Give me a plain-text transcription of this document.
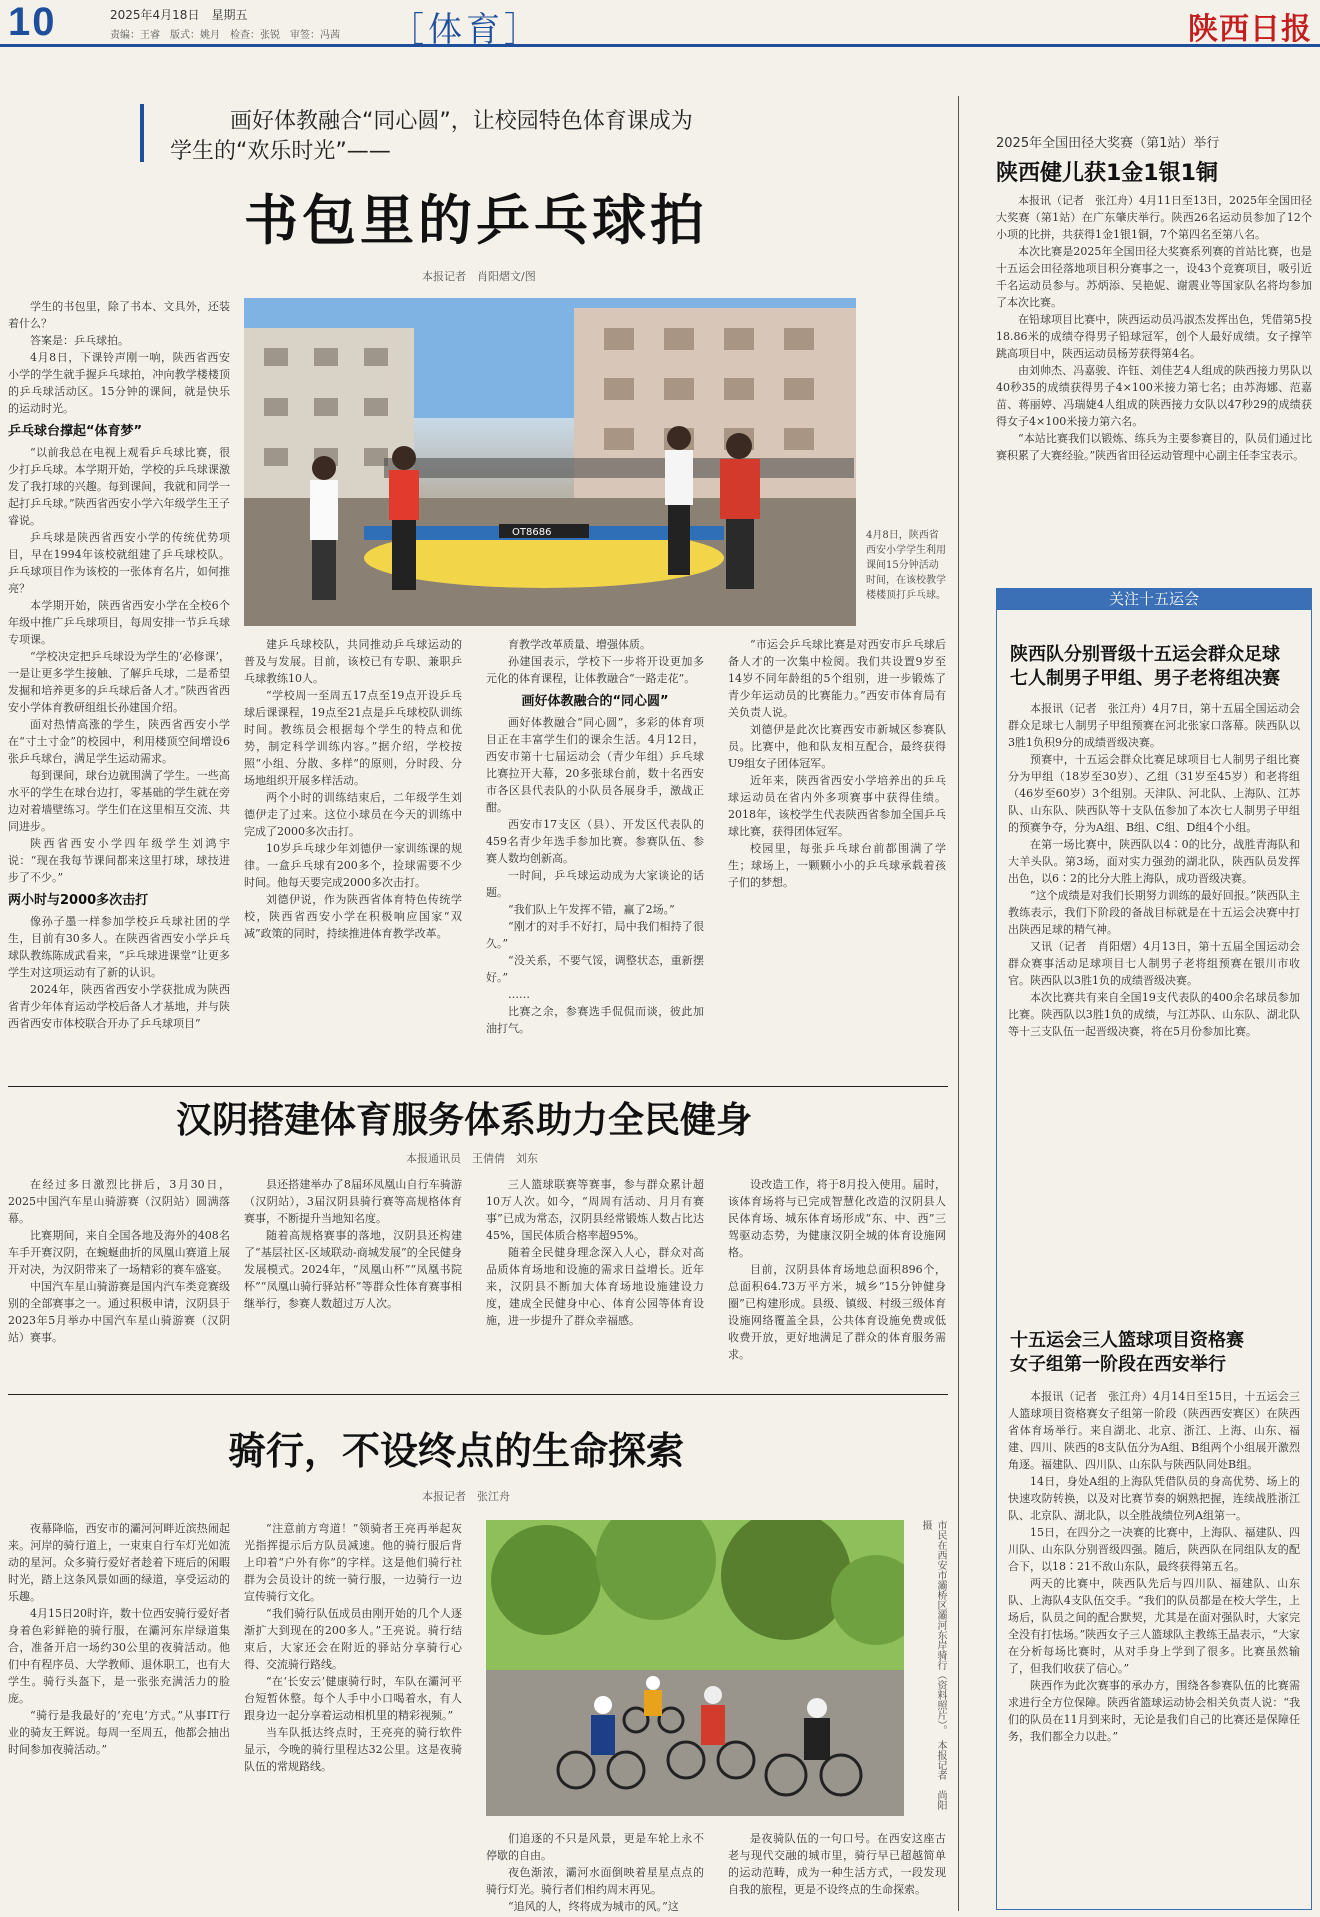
10	2025年4月18日　星期五
责编：王睿　版式：姚月　检查：张锐　审签：冯茜 ［体育］	陕西日报
画好体教融合“同心圆”，让校园特色体育课成为
学生的“欢乐时光”——
书包里的乒乓球拍
本报记者　肖阳熠文/图
OT8686	4月8日，陕西省西安小学学生利用课间15分钟活动时间，在该校教学楼楼顶打乒乓球。

学生的书包里，除了书本、文具外，还装着什么？

答案是：乒乓球拍。

4月8日，下课铃声刚一响，陕西省西安小学的学生就手握乒乓球拍，冲向教学楼楼顶的乒乓球活动区。15分钟的课间，就是快乐的运动时光。

乒乓球台撑起“体育梦”

“以前我总在电视上观看乒乓球比赛，很少打乒乓球。本学期开始，学校的乒乓球课激发了我打球的兴趣。每到课间，我就和同学一起打乒乓球。”陕西省西安小学六年级学生王子睿说。

乒乓球是陕西省西安小学的传统优势项目，早在1994年该校就组建了乒乓球校队。乒乓球项目作为该校的一张体育名片，如何推亮？

本学期开始，陕西省西安小学在全校6个年级中推广乒乓球项目，每周安排一节乒乓球专项课。

“学校决定把乒乓球设为学生的‘必修课’，一是让更多学生接触、了解乒乓球，二是希望发掘和培养更多的乒乓球后备人才。”陕西省西安小学体育教研组组长孙建国介绍。

面对热情高涨的学生，陕西省西安小学在“寸土寸金”的校园中，利用楼顶空间增设6张乒乓球台，满足学生运动需求。

每到课间，球台边就围满了学生。一些高水平的学生在球台边打，零基础的学生就在旁边对着墙壁练习。学生们在这里相互交流、共同进步。

陕西省西安小学四年级学生刘鸿宇说：“现在我每节课间都来这里打球，球技进步了不少。”

两小时与2000多次击打

像孙子墨一样参加学校乒乓球社团的学生，目前有30多人。在陕西省西安小学乒乓球队教练陈成武看来，“乒乓球进课堂”让更多学生对这项运动有了新的认识。

2024年，陕西省西安小学获批成为陕西省青少年体育运动学校后备人才基地，并与陕西省西安市体校联合开办了乒乓球项目”

建乒乓球校队，共同推动乒乓球运动的普及与发展。目前，该校已有专职、兼职乒乓球教练10人。

“学校周一至周五17点至19点开设乒乓球后课课程，19点至21点是乒乓球校队训练时间。教练员会根据每个学生的特点和优势，制定科学训练内容。”据介绍，学校按照“小组、分散、多样”的原则，分时段、分场地组织开展多样活动。

两个小时的训练结束后，二年级学生刘德伊走了过来。这位小球员在今天的训练中完成了2000多次击打。

10岁乒乓球少年刘德伊一家训练课的规律。一盒乒乓球有200多个，捡球需要不少时间。他每天要完成2000多次击打。

刘德伊说，作为陕西省体育特色传统学校，陕西省西安小学在积极响应国家“双减”政策的同时，持续推进体育教学改革。

育教学改革质量、增强体质。

孙建国表示，学校下一步将开设更加多元化的体育课程，让体教融合“一路走花”。

画好体教融合的“同心圆”

画好体教融合“同心圆”，多彩的体育项目正在丰富学生们的课余生活。4月12日，西安市第十七届运动会（青少年组）乒乓球比赛拉开大幕，20多张球台前，数十名西安市各区县代表队的小队员各展身手，激战正酣。

西安市17支区（县）、开发区代表队的459名青少年选手参加比赛。参赛队伍、参赛人数均创新高。

一时间，乒乓球运动成为大家谈论的话题。

“我们队上午发挥不错，赢了2场。”

“刚才的对手不好打，局中我们相持了很久。”

“没关系，不要气馁，调整状态，重新摆好。”

……

比赛之余，参赛选手侃侃而谈，彼此加油打气。

“市运会乒乓球比赛是对西安市乒乓球后备人才的一次集中检阅。我们共设置9岁至14岁不同年龄组的5个组别，进一步锻炼了青少年运动员的比赛能力。”西安市体育局有关负责人说。

刘德伊是此次比赛西安市新城区参赛队员。比赛中，他和队友相互配合，最终获得U9组女子团体冠军。

近年来，陕西省西安小学培养出的乒乓球运动员在省内外多项赛事中获得佳绩。2018年，该校学生代表陕西省参加全国乒乓球比赛，获得团体冠军。

校园里，每张乒乓球台前都围满了学生；球场上，一颗颗小小的乒乓球承载着孩子们的梦想。

汉阴搭建体育服务体系助力全民健身
本报通讯员　王倩倩　刘东

在经过多日激烈比拼后，3月30日，2025中国汽车星山骑游赛（汉阴站）圆满落幕。

比赛期间，来自全国各地及海外的408名车手开赛汉阴，在蜿蜒曲折的凤凰山赛道上展开对决，为汉阴带来了一场精彩的赛车盛宴。

中国汽车星山骑游赛是国内汽车类竞赛级别的全部赛事之一。通过积极申请，汉阴县于2023年5月举办中国汽车星山骑游赛（汉阴站）赛事。

县还搭建举办了8届环凤凰山自行车骑游（汉阴站），3届汉阴县骑行赛等高规格体育赛事，不断提升当地知名度。

随着高规格赛事的落地，汉阴县还构建了“基层社区-区域联动-商城发展”的全民健身发展模式。2024年，“凤凰山杯”“凤凰书院杯”“凤凰山骑行驿站杯”等群众性体育赛事相继举行，参赛人数超过万人次。

三人篮球联赛等赛事，参与群众累计超10万人次。如今，“周周有活动、月月有赛事”已成为常态，汉阴县经常锻炼人数占比达45%，国民体质合格率超95%。

随着全民健身理念深入人心，群众对高品质体育场地和设施的需求日益增长。近年来，汉阴县不断加大体育场地设施建设力度，建成全民健身中心、体育公园等体育设施，进一步提升了群众幸福感。

设改造工作，将于8月投入使用。届时，该体育场将与已完成智慧化改造的汉阴县人民体育场、城东体育场形成“东、中、西”三驾驱动态势，为健康汉阴全城的体育设施网格。

目前，汉阴县体育场地总面积896个，总面积64.73万平方米，城乡“15分钟健身圈”已构建形成。县级、镇级、村级三级体育设施网络覆盖全县，公共体育设施免费或低收费开放，更好地满足了群众的体育服务需求。

骑行，不设终点的生命探索
本报记者　张江舟

夜幕降临，西安市的灞河河畔近滨热闹起来。河岸的骑行道上，一束束自行车灯光如流动的星河。众多骑行爱好者趁着下班后的闲暇时光，踏上这条风景如画的绿道，享受运动的乐趣。

4月15日20时许，数十位西安骑行爱好者身着色彩鲜艳的骑行服，在灞河东岸绿道集合，准备开启一场约30公里的夜骑活动。他们中有程序员、大学教师、退休职工，也有大学生。骑行头盔下，是一张张充满活力的脸庞。

“骑行是我最好的‘充电’方式。”从事IT行业的骑友王辉说。每周一至周五，他都会抽出时间参加夜骑活动。”

“注意前方弯道！”领骑者王亮再举起灰光指挥提示后方队员减速。他的骑行服后背上印着“户外有你”的字样。这是他们骑行社群为会员设计的统一骑行服，一边骑行一边宣传骑行文化。

“我们骑行队伍成员由刚开始的几个人逐渐扩大到现在的200多人。”王亮说。骑行结束后，大家还会在附近的驿站分享骑行心得、交流骑行路线。

“在‘长安云’健康骑行时，车队在灞河平台短暂休整。每个人手中小口喝着水，有人跟身边一起分享着运动相机里的精彩视频。”

当车队抵达终点时，王亮亮的骑行软件显示，今晚的骑行里程达32公里。这是夜骑队伍的常规路线。	市民在西安市灞桥区灞河东岸骑行（资料照片）。　本报记者　尚阳摄

们追逐的不只是风景，更是车轮上永不停歇的自由。

夜色渐浓，灞河水面倒映着星星点点的骑行灯光。骑行者们相约周末再见。

“追风的人，终将成为城市的风。”这

是夜骑队伍的一句口号。在西安这座古老与现代交融的城市里，骑行早已超越简单的运动范畴，成为一种生活方式，一段发现自我的旅程，更是不设终点的生命探索。

2025年全国田径大奖赛（第1站）举行
陕西健儿获1金1银1铜

本报讯（记者　张江舟）4月11日至13日，2025年全国田径大奖赛（第1站）在广东肇庆举行。陕西26名运动员参加了12个小项的比拼，共获得1金1银1铜，7个第四名至第八名。

本次比赛是2025年全国田径大奖赛系列赛的首站比赛，也是十五运会田径落地项目积分赛事之一，设43个竞赛项目，吸引近千名运动员参与。苏炳添、吴艳妮、谢震业等国家队名将均参加了本次比赛。

在铅球项目比赛中，陕西运动员冯淑杰发挥出色，凭借第5投18.86米的成绩夺得男子铅球冠军，创个人最好成绩。女子撑竿跳高项目中，陕西运动员杨芳获得第4名。

由刘帅杰、冯嘉骏、许钰、刘佳艺4人组成的陕西接力男队以40秒35的成绩获得男子4×100米接力第七名；由苏海娜、范嘉苗、蒋丽婷、冯瑞婕4人组成的陕西接力女队以47秒29的成绩获得女子4×100米接力第六名。

“本站比赛我们以锻炼、练兵为主要参赛目的，队员们通过比赛积累了大赛经验。”陕西省田径运动管理中心副主任李宝表示。

关注十五运会
陕西队分别晋级十五运会群众足球
七人制男子甲组、男子老将组决赛

本报讯（记者　张江舟）4月7日，第十五届全国运动会群众足球七人制男子甲组预赛在河北张家口落幕。陕西队以3胜1负积9分的成绩晋级决赛。

预赛中，十五运会群众比赛足球项目七人制男子组比赛分为甲组（18岁至30岁）、乙组（31岁至45岁）和老将组（46岁至60岁）3个组别。天津队、河北队、上海队、江苏队、山东队、陕西队等十支队伍参加了本次七人制男子甲组的预赛争夺，分为A组、B组、C组、D组4个小组。

在第一场比赛中，陕西队以4∶0的比分，战胜青海队和大羊头队。第3场，面对实力强劲的湖北队，陕西队员发挥出色，以6∶2的比分大胜上海队，成功晋级决赛。

“这个成绩是对我们长期努力训练的最好回报。”陕西队主教练表示，我们下阶段的备战目标就是在十五运会决赛中打出陕西足球的精气神。

又讯（记者　肖阳熠）4月13日，第十五届全国运动会群众赛事活动足球项目七人制男子老将组预赛在银川市收官。陕西队以3胜1负的成绩晋级决赛。

本次比赛共有来自全国19支代表队的400余名球员参加比赛。陕西队以3胜1负的成绩，与江苏队、山东队、湖北队等十三支队伍一起晋级决赛，将在5月份参加比赛。

十五运会三人篮球项目资格赛
女子组第一阶段在西安举行

本报讯（记者　张江舟）4月14日至15日，十五运会三人篮球项目资格赛女子组第一阶段（陕西西安赛区）在陕西省体育场举行。来自湖北、北京、浙江、上海、山东、福建、四川、陕西的8支队伍分为A组、B组两个小组展开激烈角逐。福建队、四川队、山东队与陕西队同处B组。

14日，身处A组的上海队凭借队员的身高优势、场上的快速攻防转换，以及对比赛节奏的娴熟把握，连续战胜浙江队、北京队、湖北队，以全胜战绩位列A组第一。

15日，在四分之一决赛的比赛中，上海队、福建队、四川队、山东队分别晋级四强。随后，陕西队在同组队友的配合下，以18∶21不敌山东队，最终获得第五名。

两天的比赛中，陕西队先后与四川队、福建队、山东队、上海队4支队伍交手。“我们的队员都是在校大学生，上场后，队员之间的配合默契，尤其是在面对强队时，大家完全没有打怯场。”陕西女子三人篮球队主教练王晶表示，“大家在分析每场比赛时，从对手身上学到了很多。比赛虽然输了，但我们收获了信心。”

陕西作为此次赛事的承办方，围绕各参赛队伍的比赛需求进行全方位保障。陕西省篮球运动协会相关负责人说：“我们的队员在11月到来时，无论是我们自己的比赛还是保障任务，我们都全力以赴。”
